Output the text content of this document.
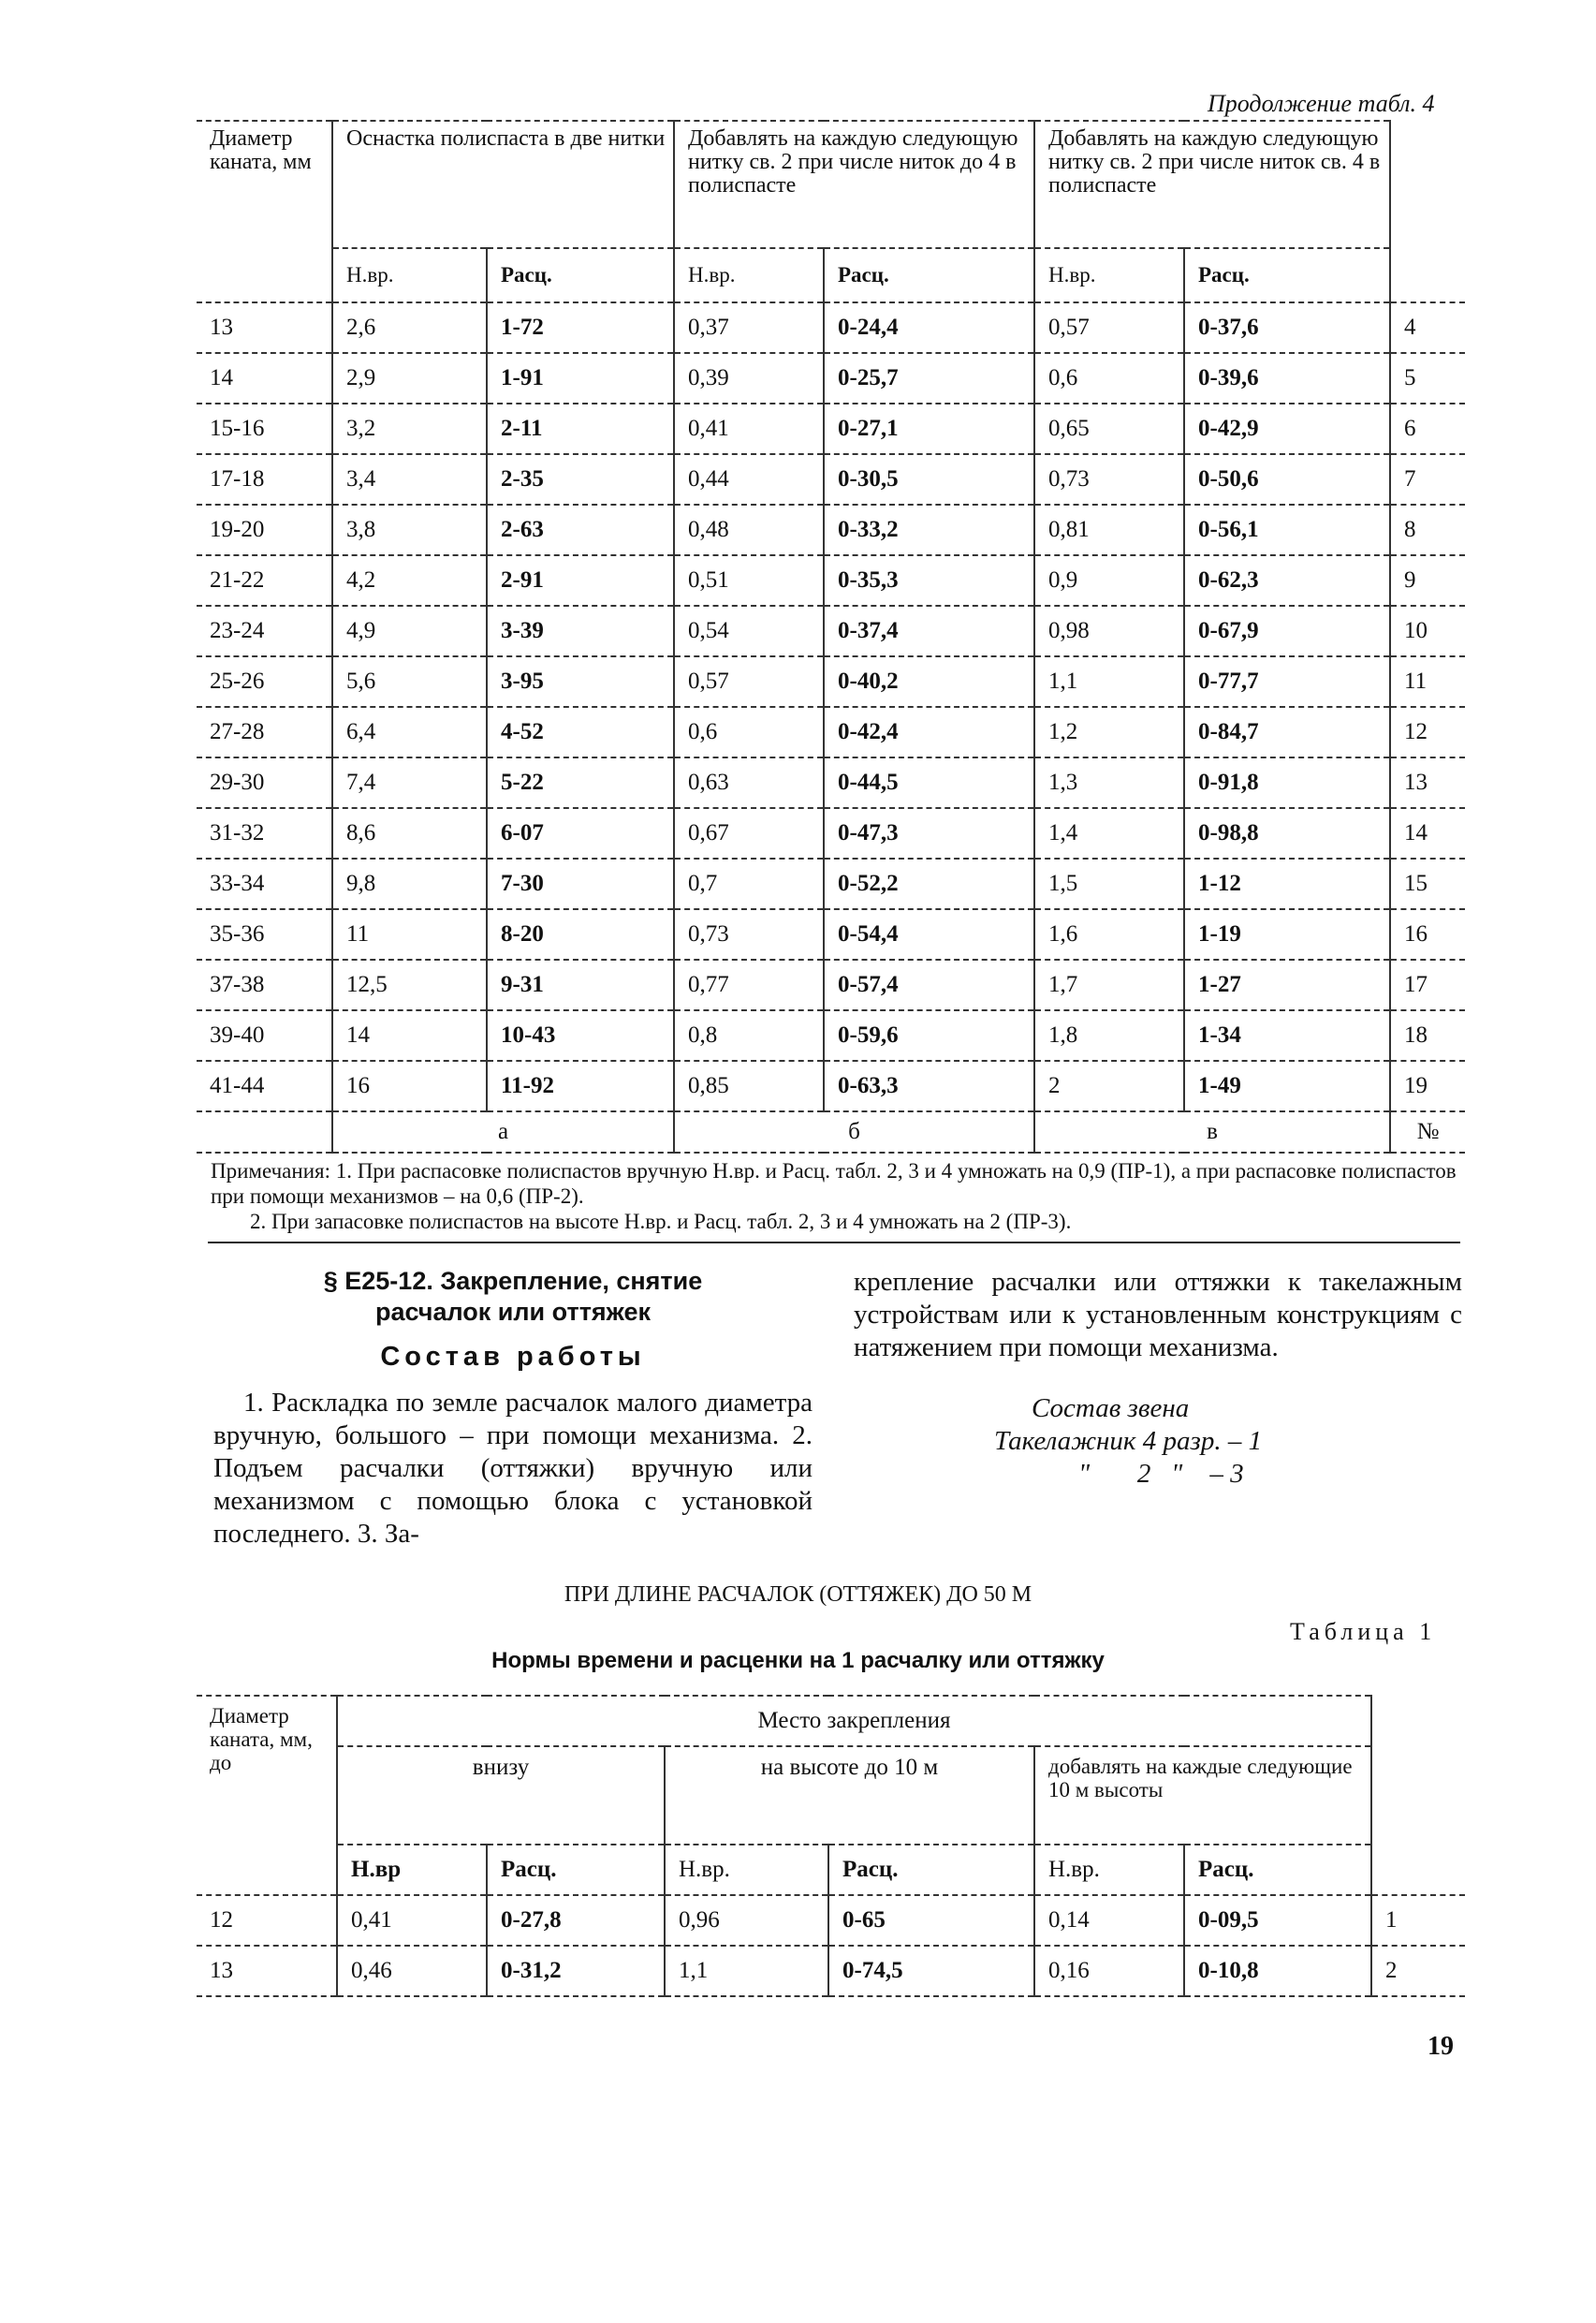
Продолжение табл. 4
Диаметр каната, мм	Оснастка полиспаста в две нитки		Добавлять на каждую следующую нитку св. 2 при числе ниток до 4 в полиспасте		Добавлять на каждую следующую нитку св. 2 при числе ниток св. 4 в полиспасте		
	Н.вр.	Расц.	Н.вр.	Расц.	Н.вр.	Расц.	
13	2,6	1-72	0,37	0-24,4	0,57	0-37,6	4
14	2,9	1-91	0,39	0-25,7	0,6	0-39,6	5
15-16	3,2	2-11	0,41	0-27,1	0,65	0-42,9	6
17-18	3,4	2-35	0,44	0-30,5	0,73	0-50,6	7
19-20	3,8	2-63	0,48	0-33,2	0,81	0-56,1	8
21-22	4,2	2-91	0,51	0-35,3	0,9	0-62,3	9
23-24	4,9	3-39	0,54	0-37,4	0,98	0-67,9	10
25-26	5,6	3-95	0,57	0-40,2	1,1	0-77,7	11
27-28	6,4	4-52	0,6	0-42,4	1,2	0-84,7	12
29-30	7,4	5-22	0,63	0-44,5	1,3	0-91,8	13
31-32	8,6	6-07	0,67	0-47,3	1,4	0-98,8	14
33-34	9,8	7-30	0,7	0-52,2	1,5	1-12	15
35-36	11	8-20	0,73	0-54,4	1,6	1-19	16
37-38	12,5	9-31	0,77	0-57,4	1,7	1-27	17
39-40	14	10-43	0,8	0-59,6	1,8	1-34	18
41-44	16	11-92	0,85	0-63,3	2	1-49	19
	а		б		в		№
Примечания: 1. При распасовке полиспастов вручную Н.вр. и Расц. табл. 2, 3 и 4 умножать на 0,9 (ПР-1), а при распасовке полиспастов при помощи механизмов – на 0,6 (ПР-2).
2. При запасовке полиспастов на высоте Н.вр. и Расц. табл. 2, 3 и 4 умножать на 2 (ПР-3).
§ Е25-12. Закрепление, снятие
расчалок или оттяжек
Состав работы
1. Раскладка по земле расчалок малого диаметра вручную, большого – при помощи механизма. 2. Подъем расчалки (оттяжки) вручную или механизмом с помощью блока с установкой последнего. 3. За-
крепление расчалки или оттяжки к такелажным устройствам или к установленным конструкциям с натяжением при помощи механизма.
Состав звена
Такелажник 4 разр. – 1
"       2   "    – 3
ПРИ ДЛИНЕ РАСЧАЛОК (ОТТЯЖЕК) ДО 50 М
Таблица 1
Нормы времени и расценки на 1 расчалку или оттяжку
Диаметр каната, мм, до	Место закрепления						
	внизу		на высоте до 10 м		добавлять на каждые следующие 10 м высоты		

	Н.вр	Расц.	Н.вр.	Расц.	Н.вр.	Расц.	
12	0,41	0-27,8	0,96	0-65	0,14	0-09,5	1
13	0,46	0-31,2	1,1	0-74,5	0,16	0-10,8	2
19
